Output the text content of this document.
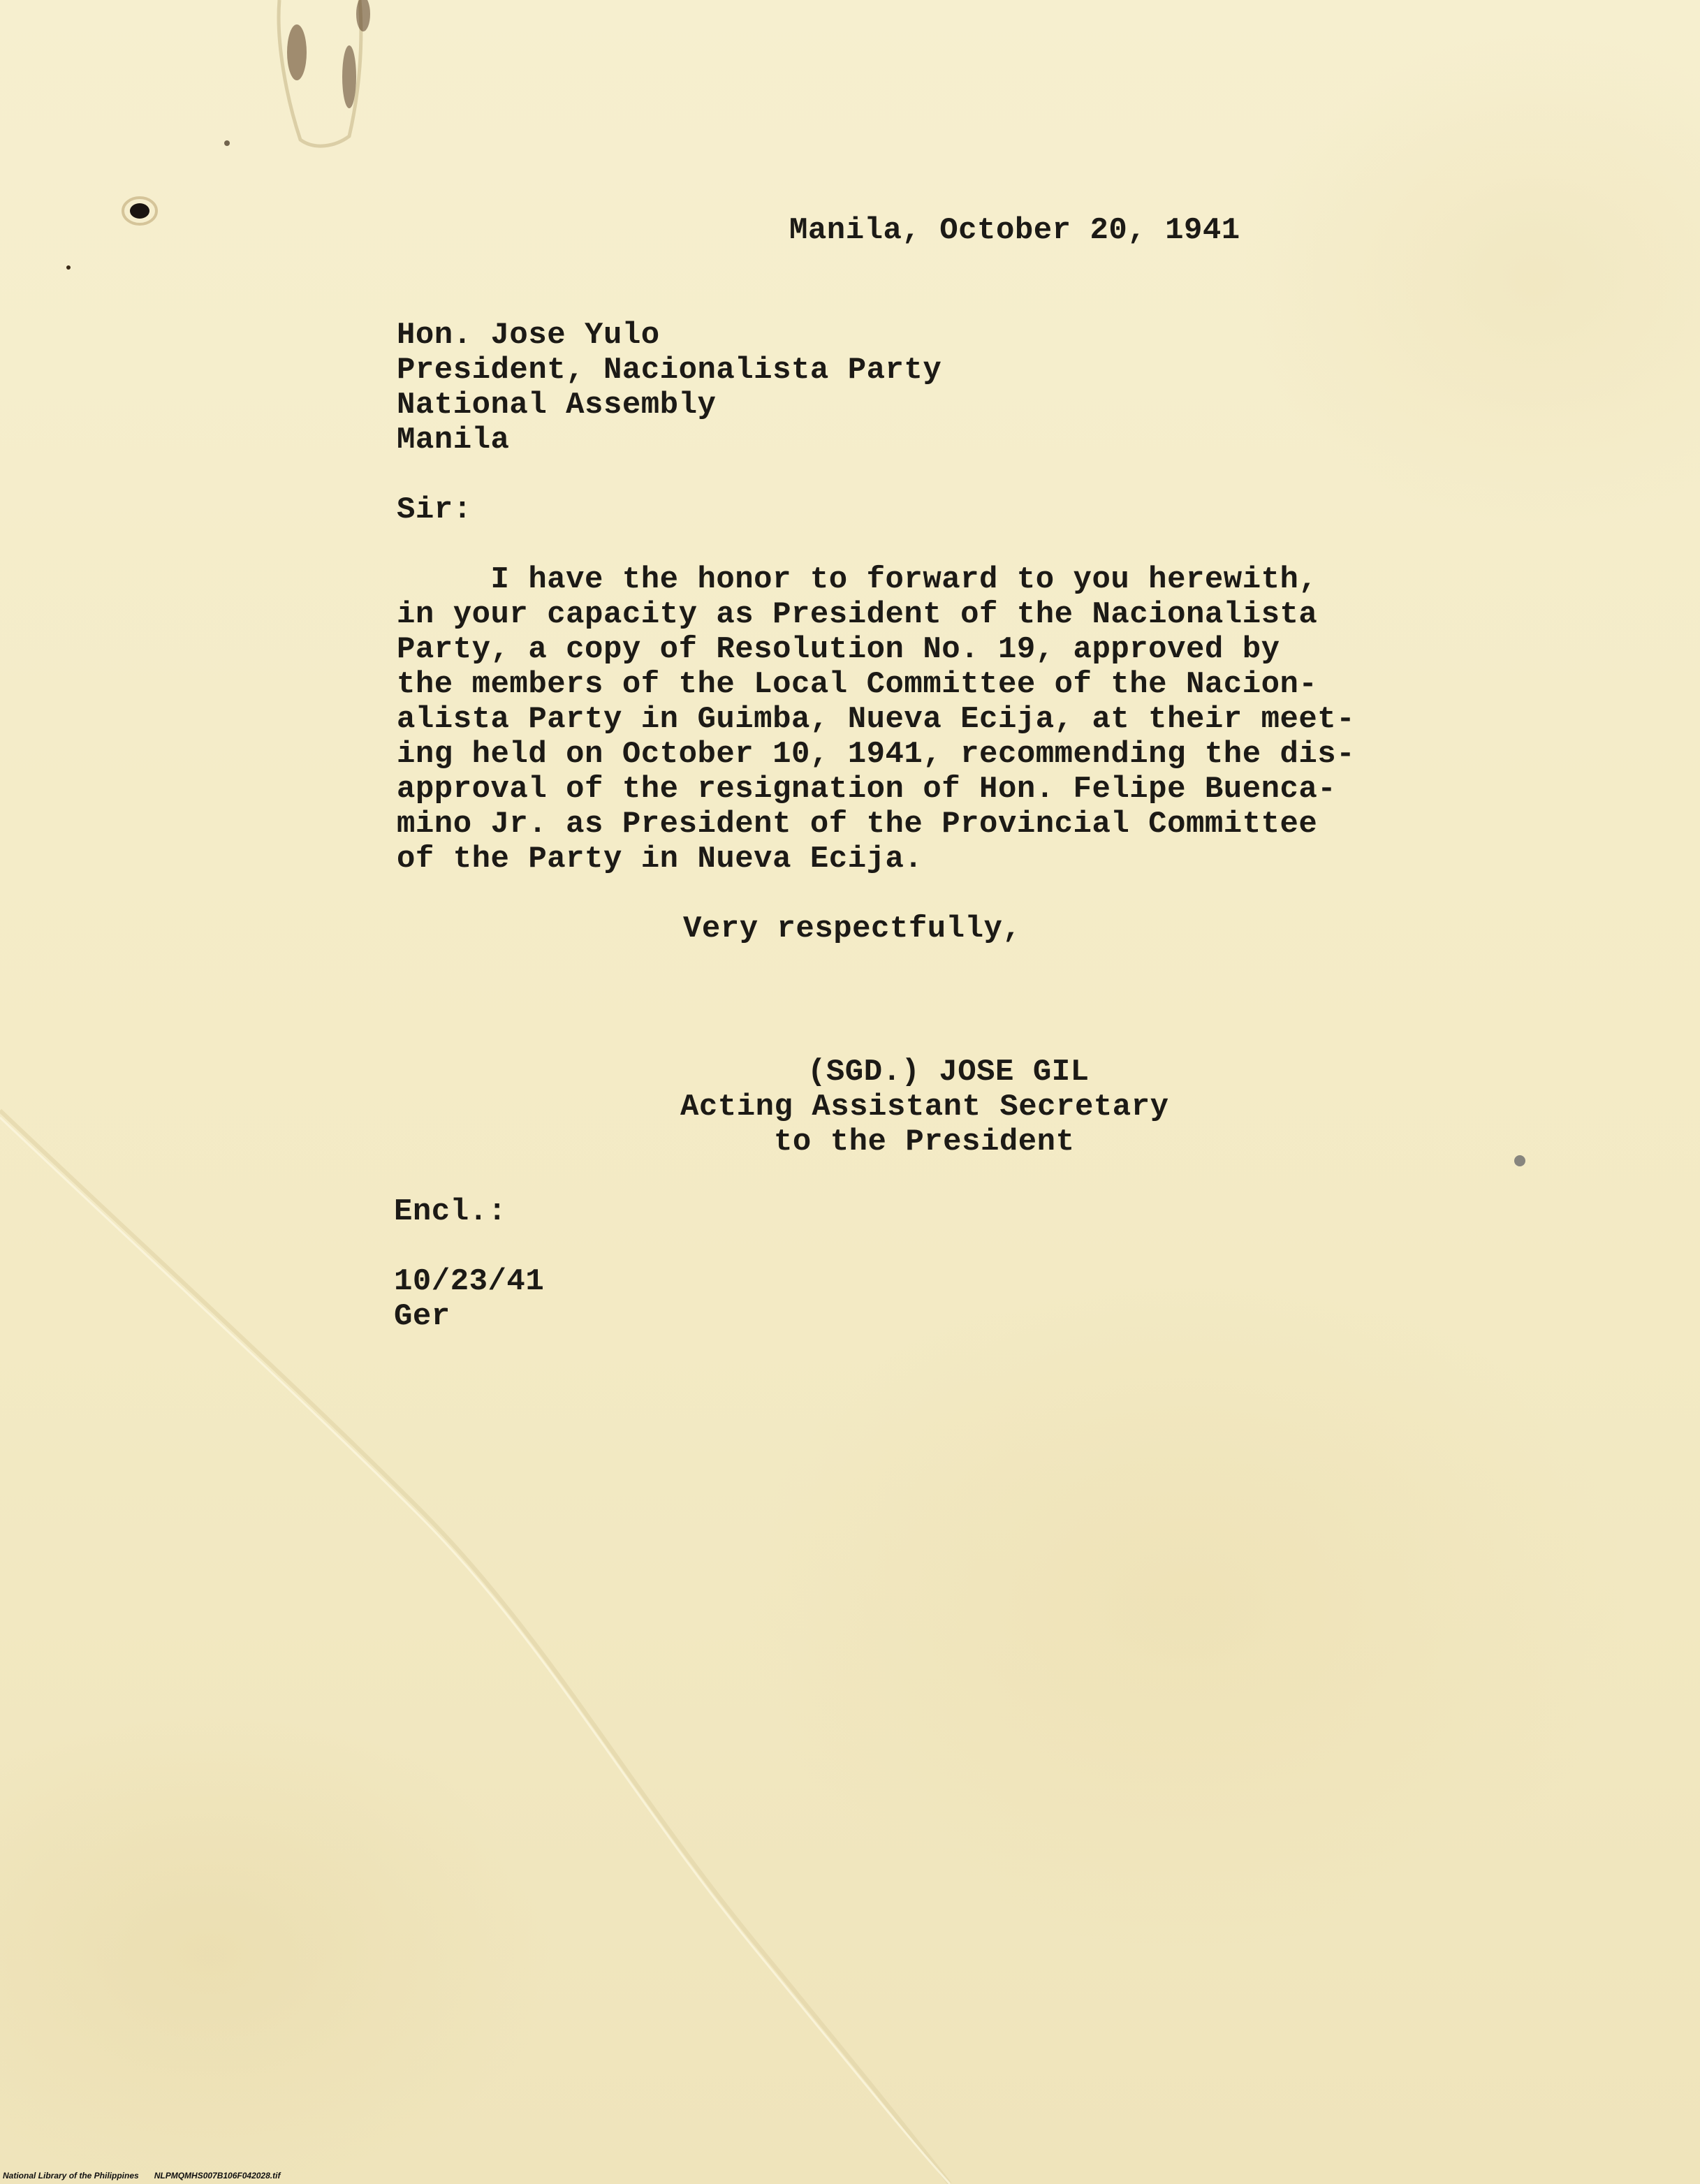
Manila, October 20, 1941
Hon. Jose Yulo
President, Nacionalista Party
National Assembly
Manila
Sir:
I have the honor to forward to you herewith,
in your capacity as President of the Nacionalista
Party, a copy of Resolution No. 19, approved by
the members of the Local Committee of the Nacion-
alista Party in Guimba, Nueva Ecija, at their meet-
ing held on October 10, 1941, recommending the dis-
approval of the resignation of Hon. Felipe Buenca-
mino Jr. as President of the Provincial Committee
of the Party in Nueva Ecija.
Very respectfully,
(SGD.) JOSE GIL
Acting Assistant Secretary
to the President
Encl.:
10/23/41
Ger
National Library of the Philippines NLPMQMHS007B106F042028.tif
